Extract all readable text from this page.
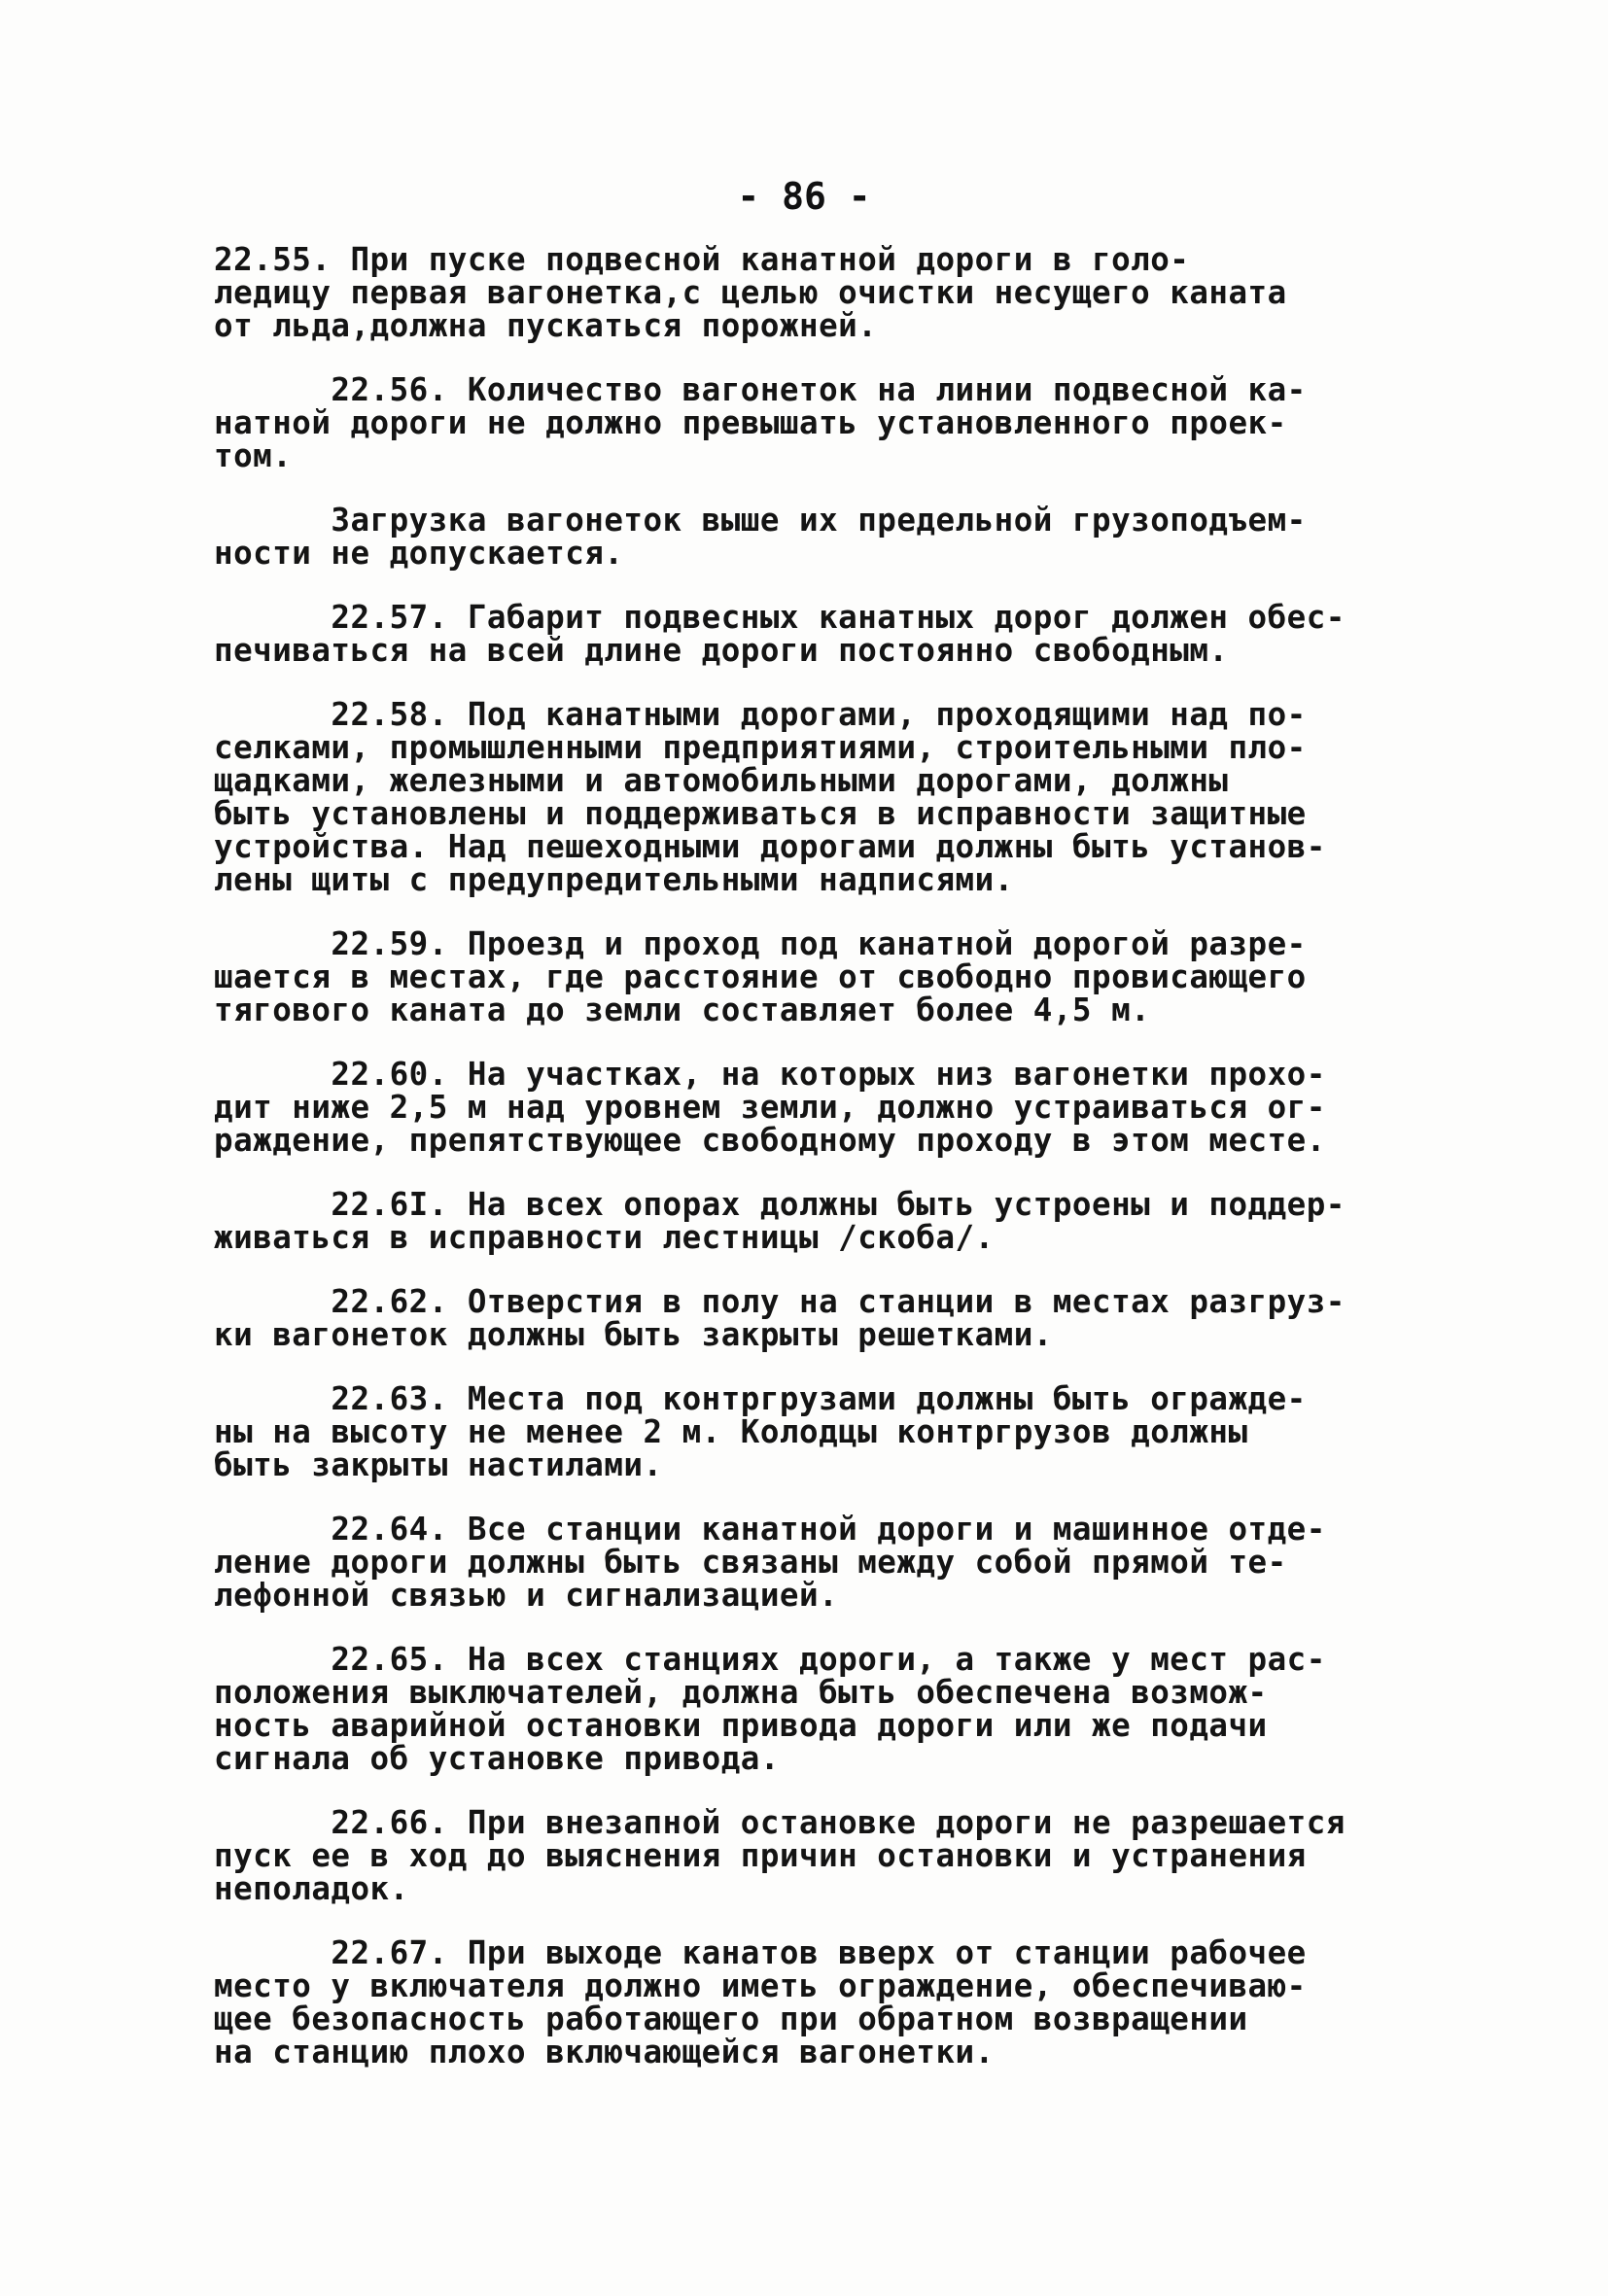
- 86 -
22.55. При пуске подвесной канатной дороги в голо-
ледицу первая вагонетка,с целью очистки несущего каната
от льда,должна пускаться порожней.
22.56. Количество вагонеток на линии подвесной ка-
натной дороги не должно превышать установленного проек-
том.
Загрузка вагонеток выше их предельной грузоподъем-
ности не допускается.
22.57. Габарит подвесных канатных дорог должен обес-
печиваться на всей длине дороги постоянно свободным.
22.58. Под канатными дорогами, проходящими над по-
селками, промышленными предприятиями, строительными пло-
щадками, железными и автомобильными дорогами, должны
быть установлены и поддерживаться в исправности защитные
устройства. Над пешеходными дорогами должны быть установ-
лены щиты с предупредительными надписями.
22.59. Проезд и проход под канатной дорогой разре-
шается в местах, где расстояние от свободно провисающего
тягового каната до земли составляет более 4,5 м.
22.60. На участках, на которых низ вагонетки прохо-
дит ниже 2,5 м над уровнем земли, должно устраиваться ог-
раждение, препятствующее свободному проходу в этом месте.
22.6I. На всех опорах должны быть устроены и поддер-
живаться в исправности лестницы /скоба/.
22.62. Отверстия в полу на станции в местах разгруз-
ки вагонеток должны быть закрыты решетками.
22.63. Места под контргрузами должны быть огражде-
ны на высоту не менее 2 м. Колодцы контргрузов должны
быть закрыты настилами.
22.64. Все станции канатной дороги и машинное отде-
ление дороги должны быть связаны между собой прямой те-
лефонной связью и сигнализацией.
22.65. На всех станциях дороги, а также у мест рас-
положения выключателей, должна быть обеспечена возмож-
ность аварийной остановки привода дороги или же подачи
сигнала об установке привода.
22.66. При внезапной остановке дороги не разрешается
пуск ее в ход до выяснения причин остановки и устранения
неполадок.
22.67. При выходе канатов вверх от станции рабочее
место у включателя должно иметь ограждение, обеспечиваю-
щее безопасность работающего при обратном возвращении
на станцию плохо включающейся вагонетки.
